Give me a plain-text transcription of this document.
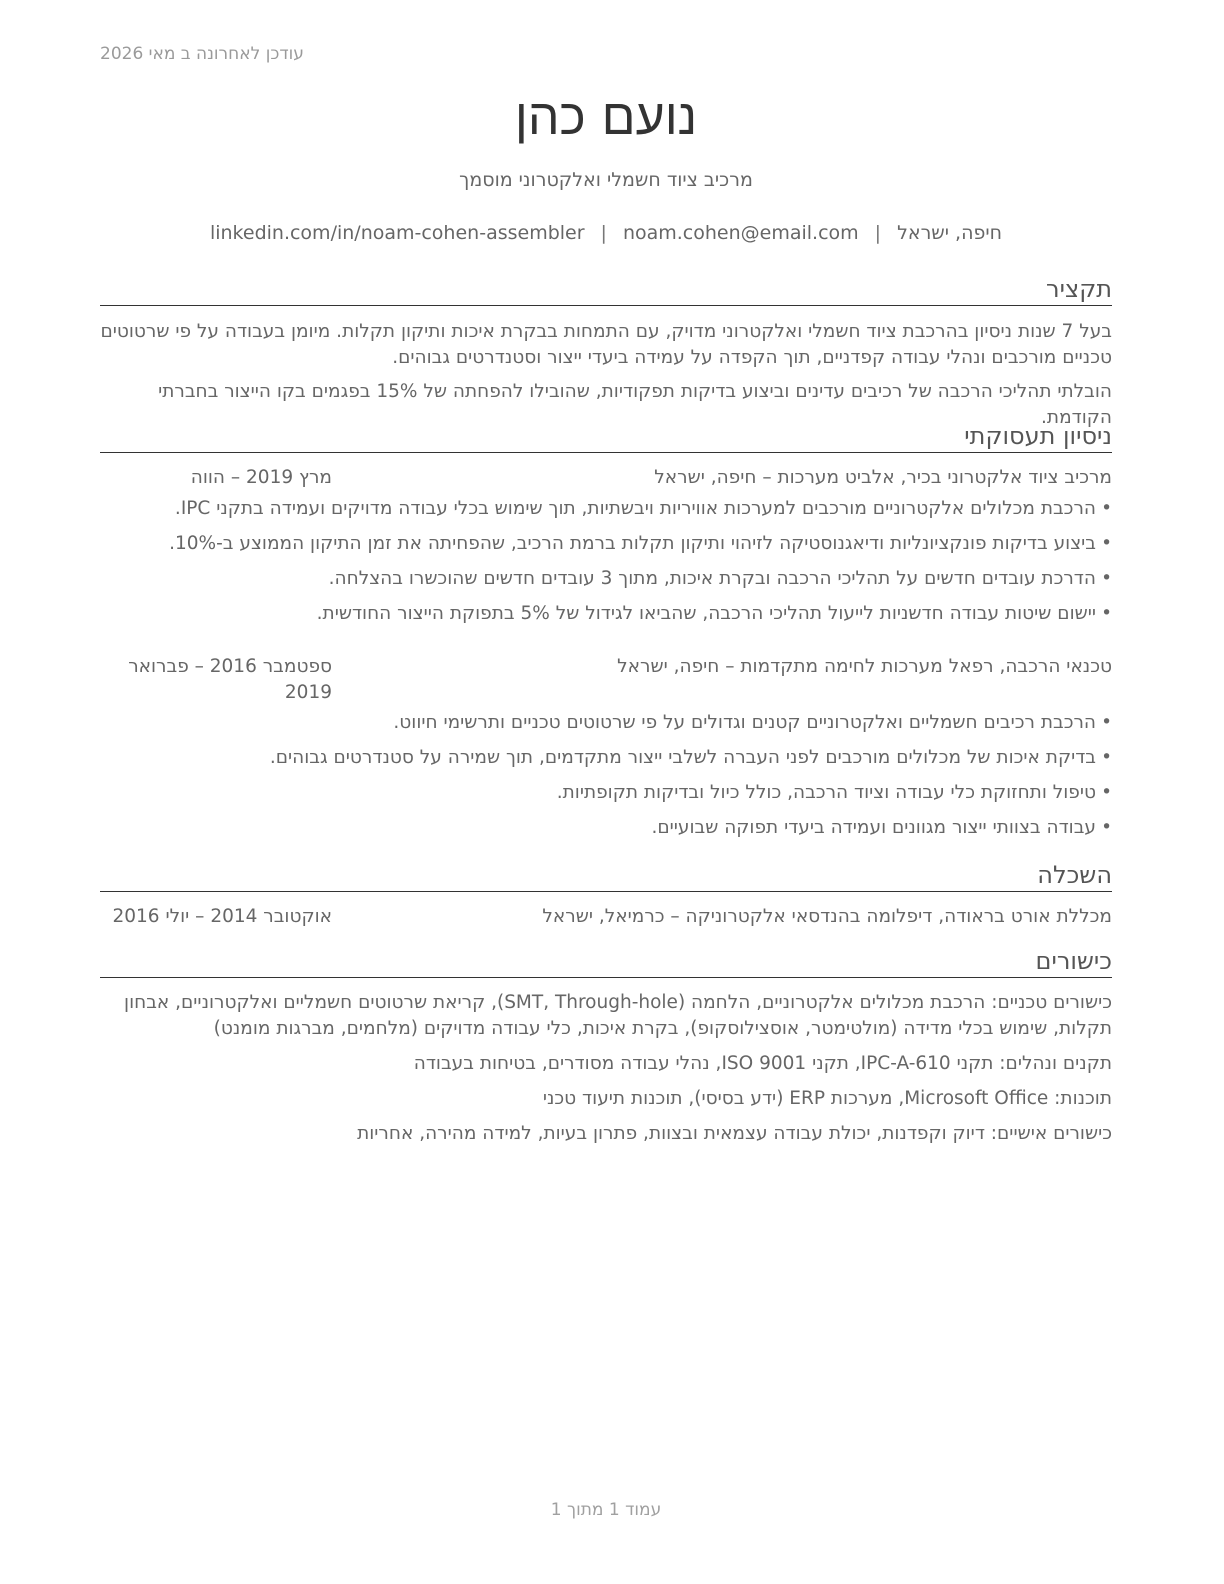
עודכן לאחרונה ב מאי 2026
נועם כהן
מרכיב ציוד חשמלי ואלקטרוני מוסמך
חיפה, ישראל|noam.cohen@email.com|linkedin.com/in/noam-cohen-assembler
תקציר
בעל 7 שנות ניסיון בהרכבת ציוד חשמלי ואלקטרוני מדויק, עם התמחות בבקרת איכות ותיקון תקלות. מיומן בעבודה על פי שרטוטים טכניים מורכבים ונהלי עבודה קפדניים, תוך הקפדה על עמידה ביעדי ייצור וסטנדרטים גבוהים.
הובלתי תהליכי הרכבה של רכיבים עדינים וביצוע בדיקות תפקודיות, שהובילו להפחתה של 15% בפגמים בקו הייצור בחברתי הקודמת.
ניסיון תעסוקתי
מרכיב ציוד אלקטרוני בכיר, אלביט מערכות – חיפה, ישראל
מרץ 2019 – הווה
•
הרכבת מכלולים אלקטרוניים מורכבים למערכות אוויריות ויבשתיות, תוך שימוש בכלי עבודה מדויקים ועמידה בתקני IPC.
•
ביצוע בדיקות פונקציונליות ודיאגנוסטיקה לזיהוי ותיקון תקלות ברמת הרכיב, שהפחיתה את זמן התיקון הממוצע ב-10%.
•
הדרכת עובדים חדשים על תהליכי הרכבה ובקרת איכות, מתוך 3 עובדים חדשים שהוכשרו בהצלחה.
•
יישום שיטות עבודה חדשניות לייעול תהליכי הרכבה, שהביאו לגידול של 5% בתפוקת הייצור החודשית.
טכנאי הרכבה, רפאל מערכות לחימה מתקדמות – חיפה, ישראל
ספטמבר 2016 – פברואר 2019
•
הרכבת רכיבים חשמליים ואלקטרוניים קטנים וגדולים על פי שרטוטים טכניים ותרשימי חיווט.
•
בדיקת איכות של מכלולים מורכבים לפני העברה לשלבי ייצור מתקדמים, תוך שמירה על סטנדרטים גבוהים.
•
טיפול ותחזוקת כלי עבודה וציוד הרכבה, כולל כיול ובדיקות תקופתיות.
•
עבודה בצוותי ייצור מגוונים ועמידה ביעדי תפוקה שבועיים.
השכלה
מכללת אורט בראודה, דיפלומה בהנדסאי אלקטרוניקה – כרמיאל, ישראל
אוקטובר 2014 – יולי 2016
כישורים
כישורים טכניים: הרכבת מכלולים אלקטרוניים, הלחמה (SMT, Through-hole), קריאת שרטוטים חשמליים ואלקטרוניים, אבחון תקלות, שימוש בכלי מדידה (מולטימטר, אוסצילוסקופ), בקרת איכות, כלי עבודה מדויקים (מלחמים, מברגות מומנט)
תקנים ונהלים: תקני IPC-A-610, תקני ISO 9001, נהלי עבודה מסודרים, בטיחות בעבודה
תוכנות: Microsoft Office, מערכות ERP (ידע בסיסי), תוכנות תיעוד טכני
כישורים אישיים: דיוק וקפדנות, יכולת עבודה עצמאית ובצוות, פתרון בעיות, למידה מהירה, אחריות
עמוד 1 מתוך 1
